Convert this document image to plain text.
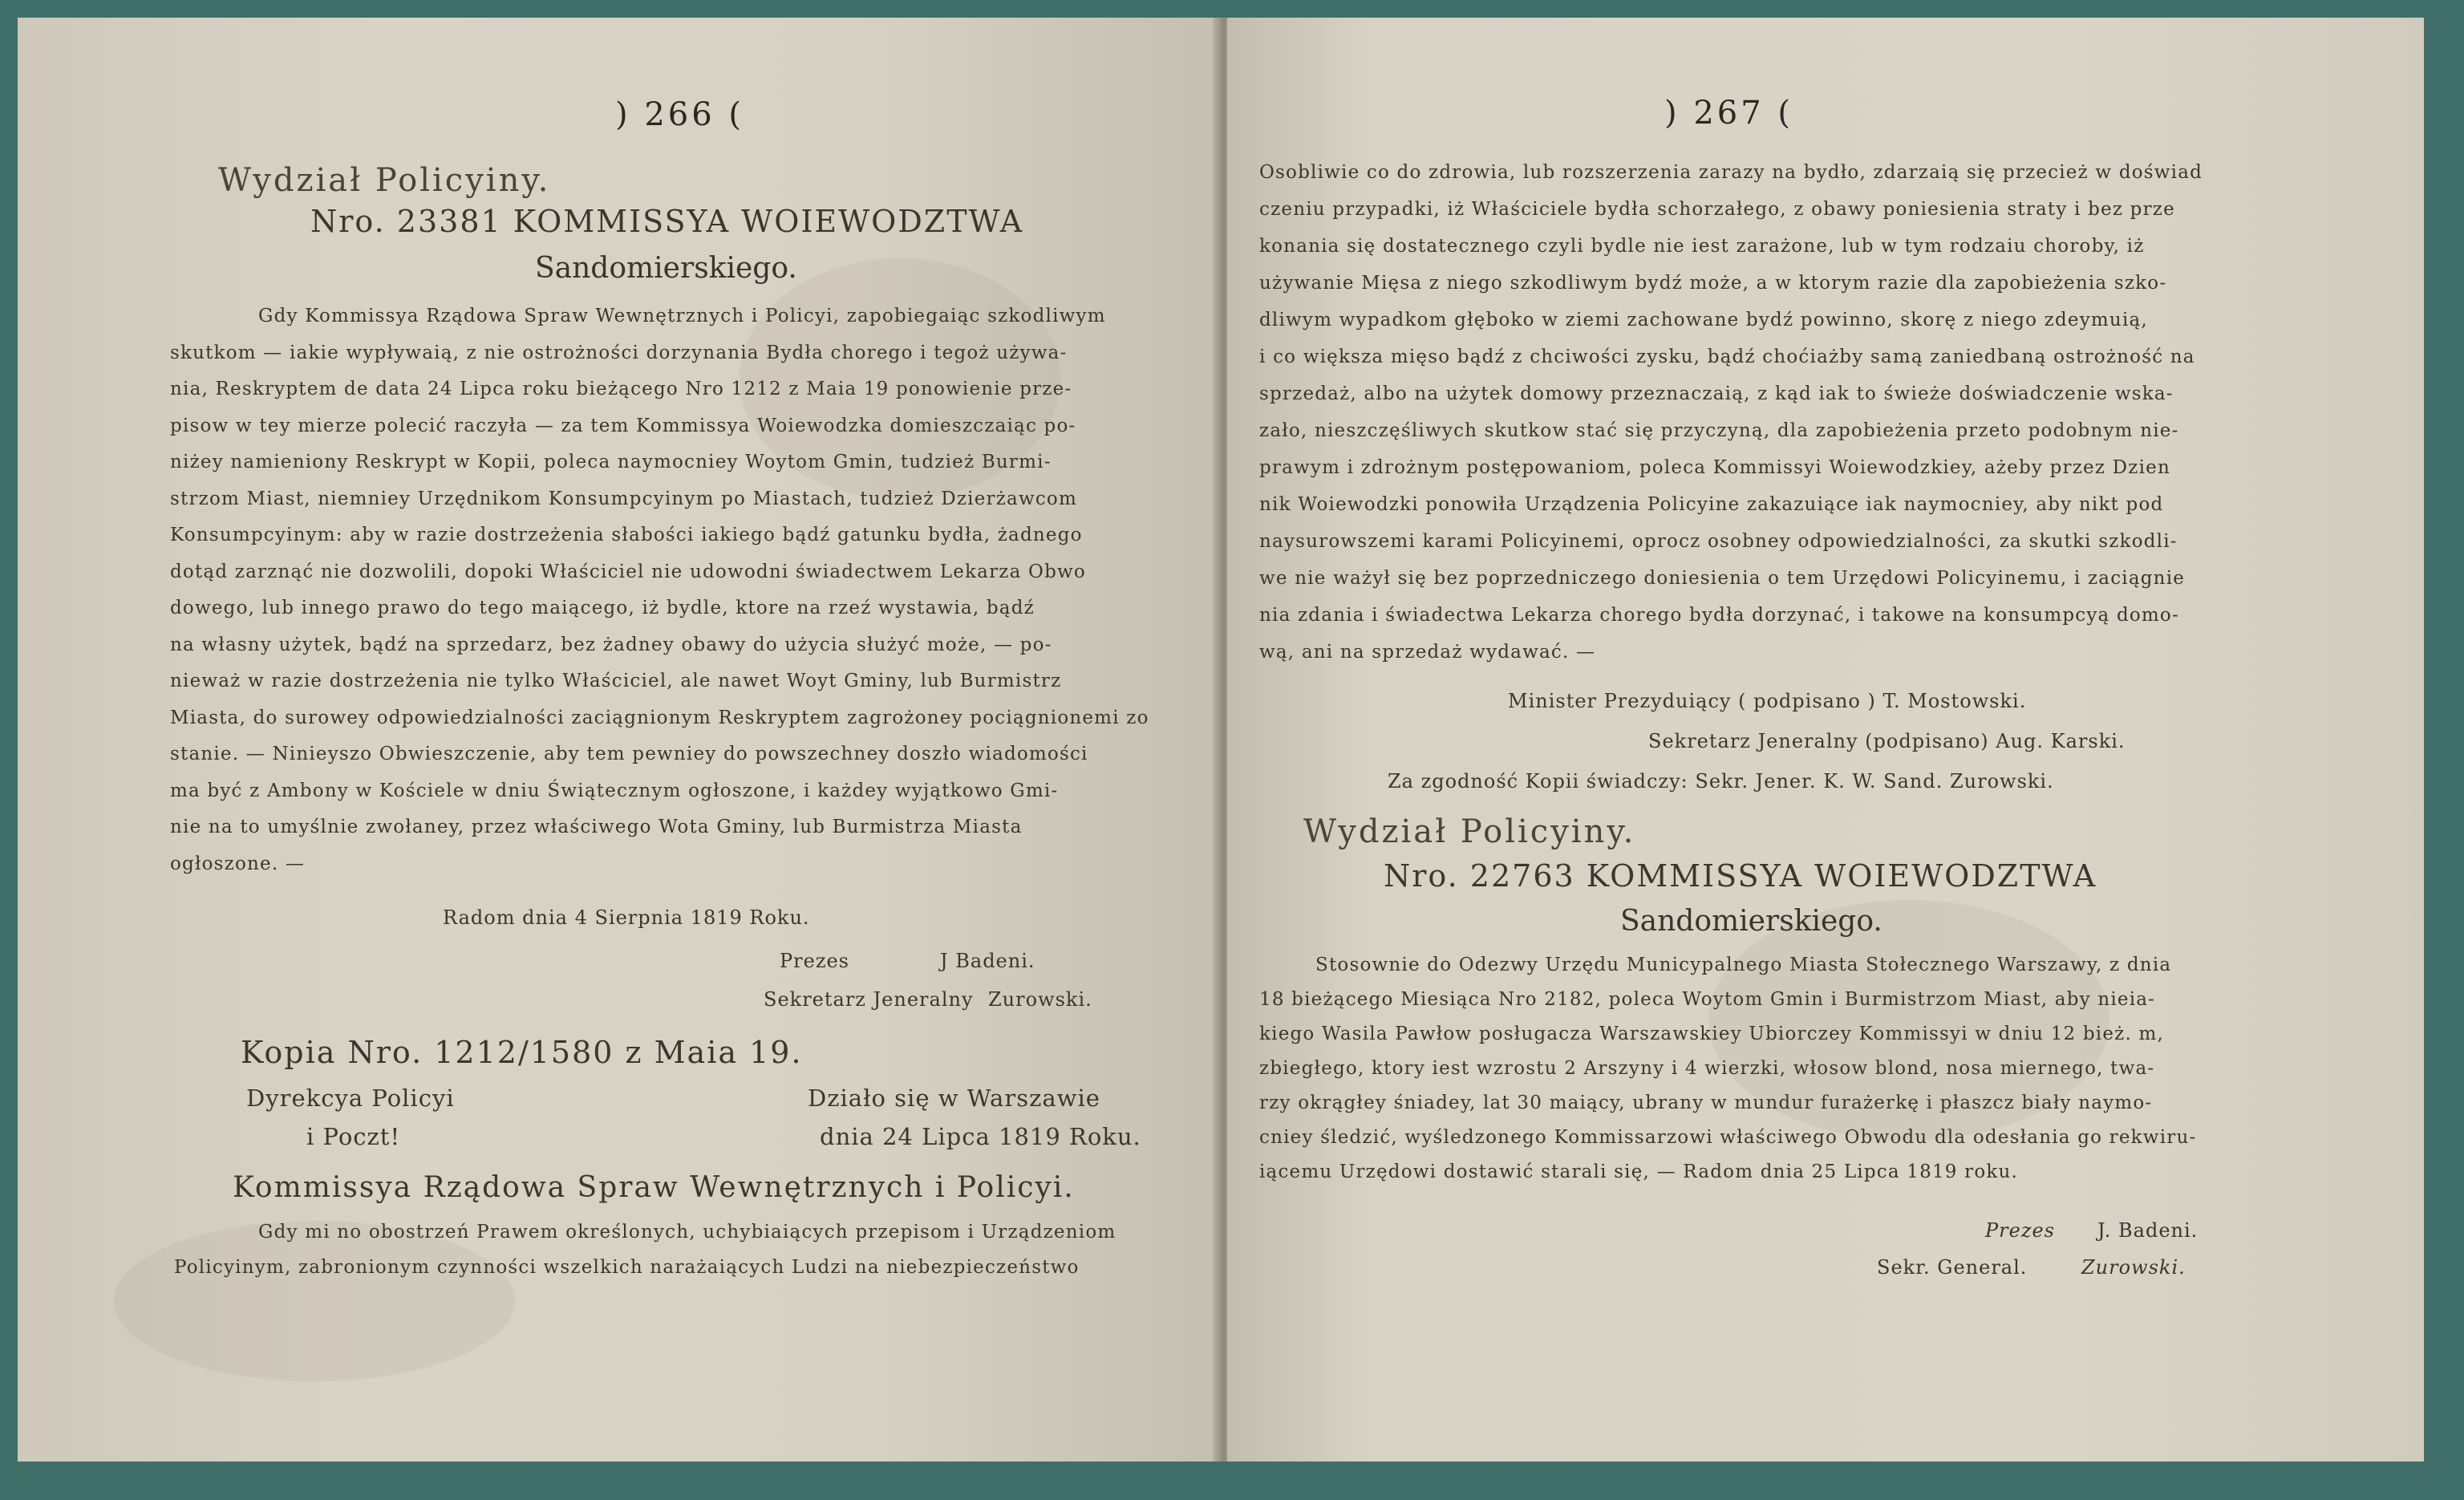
) 266 (
Wydział Policyiny.
Nro. 23381 KOMMISSYA WOIEWODZTWA
Sandomierskiego.
Gdy Kommissya Rządowa Spraw Wewnętrznych i Policyi, zapobiegaiąc szkodliwym
skutkom — iakie wypływaią, z nie ostrożności dorzynania Bydła chorego i tegoż używa-
nia, Reskryptem de data 24 Lipca roku bieżącego Nro 1212 z Maia 19 ponowienie prze-
pisow w tey mierze polecić raczyła — za tem Kommissya Woiewodzka domieszczaiąc po-
niżey namieniony Reskrypt w Kopii, poleca naymocniey Woytom Gmin, tudzież Burmi-
strzom Miast, niemniey Urzędnikom Konsumpcyinym po Miastach, tudzież Dzierżawcom
Konsumpcyinym: aby w razie dostrzeżenia słabości iakiego bądź gatunku bydła, żadnego
dotąd zarznąć nie dozwolili, dopoki Właściciel nie udowodni świadectwem Lekarza Obwo
dowego, lub innego prawo do tego maiącego, iż bydle, ktore na rzeź wystawia, bądź
na własny użytek, bądź na sprzedarz, bez żadney obawy do użycia służyć może, — po-
nieważ w razie dostrzeżenia nie tylko Właściciel, ale nawet Woyt Gminy, lub Burmistrz
Miasta, do surowey odpowiedzialności zaciągnionym Reskryptem zagrożoney pociągnionemi zo
stanie. — Ninieyszo Obwieszczenie, aby tem pewniey do powszechney doszło wiadomości
ma być z Ambony w Kościele w dniu Świątecznym ogłoszone, i każdey wyjątkowo Gmi-
nie na to umyślnie zwołaney, przez właściwego Wota Gminy, lub Burmistrza Miasta
ogłoszone. —
Radom dnia 4 Sierpnia 1819 Roku.
Prezes	J Badeni.
Sekretarz Jeneralny Zurowski.
Kopia Nro. 1212/1580 z Maia 19.
Dyrekcya Policyi
i Poczt!
Działo się w Warszawie
dnia 24 Lipca 1819 Roku.
Kommissya Rządowa Spraw Wewnętrznych i Policyi.
Gdy mi no obostrzeń Prawem określonych, uchybiaiących przepisom i Urządzeniom
Policyinym, zabronionym czynności wszelkich narażaiących Ludzi na niebezpieczeństwo
) 267 (
Osobliwie co do zdrowia, lub rozszerzenia zarazy na bydło, zdarzaią się przecież w doświad
czeniu przypadki, iż Właściciele bydła schorzałego, z obawy poniesienia straty i bez prze
konania się dostatecznego czyli bydle nie iest zarażone, lub w tym rodzaiu choroby, iż
używanie Mięsa z niego szkodliwym bydź może, a w ktorym razie dla zapobieżenia szko-
dliwym wypadkom głęboko w ziemi zachowane bydź powinno, skorę z niego zdeymuią,
i co większa mięso bądź z chciwości zysku, bądź choćiażby samą zaniedbaną ostrożność na
sprzedaż, albo na użytek domowy przeznaczaią, z kąd iak to świeże doświadczenie wska-
zało, nieszczęśliwych skutkow stać się przyczyną, dla zapobieżenia przeto podobnym nie-
prawym i zdrożnym postępowaniom, poleca Kommissyi Woiewodzkiey, ażeby przez Dzien
nik Woiewodzki ponowiła Urządzenia Policyine zakazuiące iak naymocniey, aby nikt pod
naysurowszemi karami Policyinemi, oprocz osobney odpowiedzialności, za skutki szkodli-
we nie ważył się bez poprzedniczego doniesienia o tem Urzędowi Policyinemu, i zaciągnie
nia zdania i świadectwa Lekarza chorego bydła dorzynać, i takowe na konsumpcyą domo-
wą, ani na sprzedaż wydawać. —
Minister Prezyduiący ( podpisano ) T. Mostowski.
Sekretarz Jeneralny (podpisano) Aug. Karski.
Za zgodność Kopii świadczy: Sekr. Jener. K. W. Sand. Zurowski.
Wydział Policyiny.
Nro. 22763 KOMMISSYA WOIEWODZTWA
Sandomierskiego.
Stosownie do Odezwy Urzędu Municypalnego Miasta Stołecznego Warszawy, z dnia
18 bieżącego Miesiąca Nro 2182, poleca Woytom Gmin i Burmistrzom Miast, aby nieia-
kiego Wasila Pawłow posługacza Warszawskiey Ubiorczey Kommissyi w dniu 12 bież. m,
zbiegłego, ktory iest wzrostu 2 Arszyny i 4 wierzki, włosow blond, nosa miernego, twa-
rzy okrągłey śniadey, lat 30 maiący, ubrany w mundur furażerkę i płaszcz biały naymo-
cniey śledzić, wyśledzonego Kommissarzowi właściwego Obwodu dla odesłania go rekwiru-
iącemu Urzędowi dostawić starali się, — Radom dnia 25 Lipca 1819 roku.
Prezes J. Badeni.
Sekr. General.	Zurowski.
